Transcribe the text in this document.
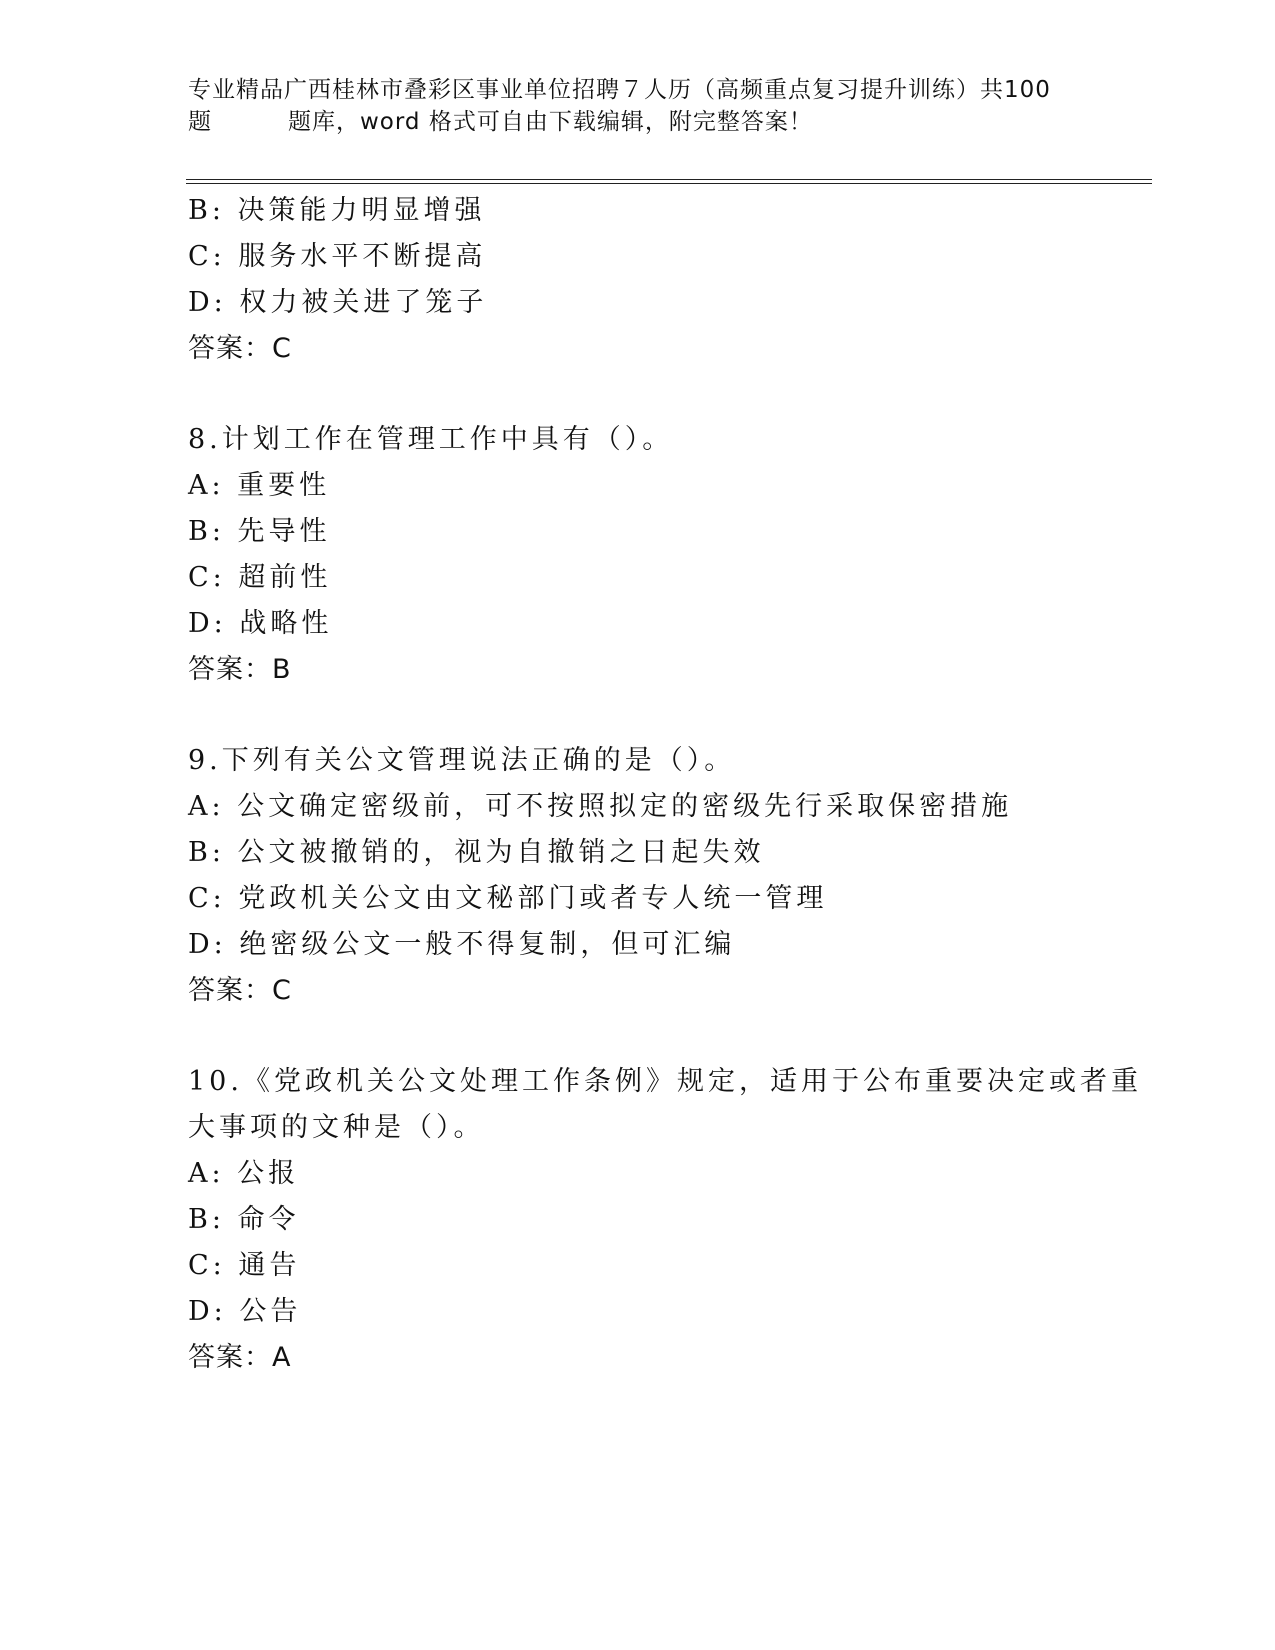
专业精品广西桂林市叠彩区事业单位招聘７人历（高频重点复习提升训练）共100
题	题库，word 格式可自由下载编辑，附完整答案！
B: 决策能力明显增强
C: 服务水平不断提高
D: 权力被关进了笼子
答案：C
8.计划工作在管理工作中具有（）。
A: 重要性
B: 先导性
C: 超前性
D: 战略性
答案：B
9.下列有关公文管理说法正确的是（）。
A: 公文确定密级前，可不按照拟定的密级先行采取保密措施
B: 公文被撤销的，视为自撤销之日起失效
C: 党政机关公文由文秘部门或者专人统一管理
D: 绝密级公文一般不得复制，但可汇编
答案：C
10.《党政机关公文处理工作条例》规定，适用于公布重要决定或者重
大事项的文种是（）。
A: 公报
B: 命令
C: 通告
D: 公告
答案：A
